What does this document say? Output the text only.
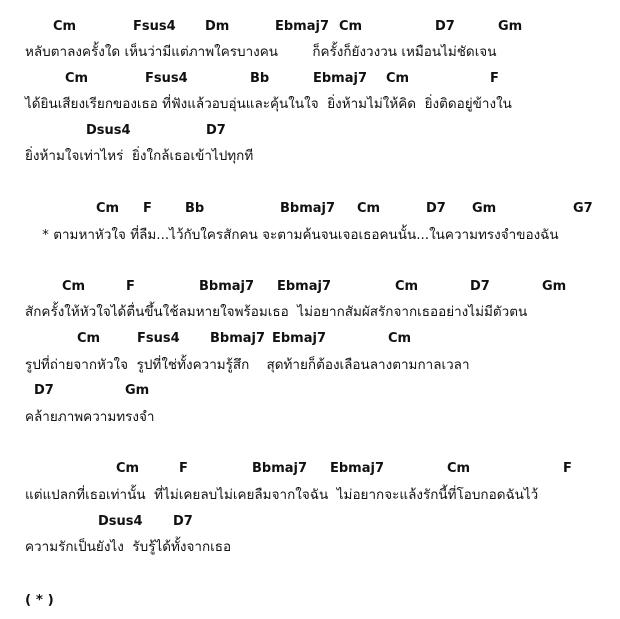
Cm	Fsus4 Dm	Ebmaj7 Cm	D7	Gm
หลับตาลงครั้งใด เห็นว่ามีแต่ภาพใครบางคน        ก็ครั้งก็ยังวงวน เหมือนไม่ชัดเจน
Cm	Fsus4	Bb	Ebmaj7 Cm	F
ได้ยินเสียงเรียกของเธอ ที่ฟังแล้วอบอุ่นและคุ้นในใจ  ยิ่งห้ามไม่ให้คิด  ยิ่งติดอยู่ข้างใน
Dsus4	D7
ยิ่งห้ามใจเท่าไหร่  ยิ่งใกล้เธอเข้าไปทุกที
Cm F	Bb	Bbmaj7 Cm	D7 Gm	G7
* ตามหาหัวใจ ที่ลืม...ไว้กับใครสักคน จะตามค้นจนเจอเธอคนนั้น...ในความทรงจำของฉัน
Cm	F	Bbmaj7 Ebmaj7	Cm	D7	Gm
สักครั้งให้หัวใจได้ตื่นขึ้นใช้ลมหายใจพร้อมเธอ  ไม่อยากสัมผัสรักจากเธออย่างไม่มีตัวตน
Cm	Fsus4 Bbmaj7 Ebmaj7	Cm
รูปที่ถ่ายจากหัวใจ  รูปที่ใช่ทั้งความรู้สึก    สุดท้ายก็ต้องเลือนลางตามกาลเวลา
D7	Gm
คล้ายภาพความทรงจำ
Cm	F	Bbmaj7 Ebmaj7	Cm	F
แต่แปลกที่เธอเท่านั้น  ที่ไม่เคยลบไม่เคยลืมจากใจฉัน  ไม่อยากจะแล้งรักนี้ที่โอบกอดฉันไว้
Dsus4 D7
ความรักเป็นยังไง  รับรู้ได้ทั้งจากเธอ
( * )
